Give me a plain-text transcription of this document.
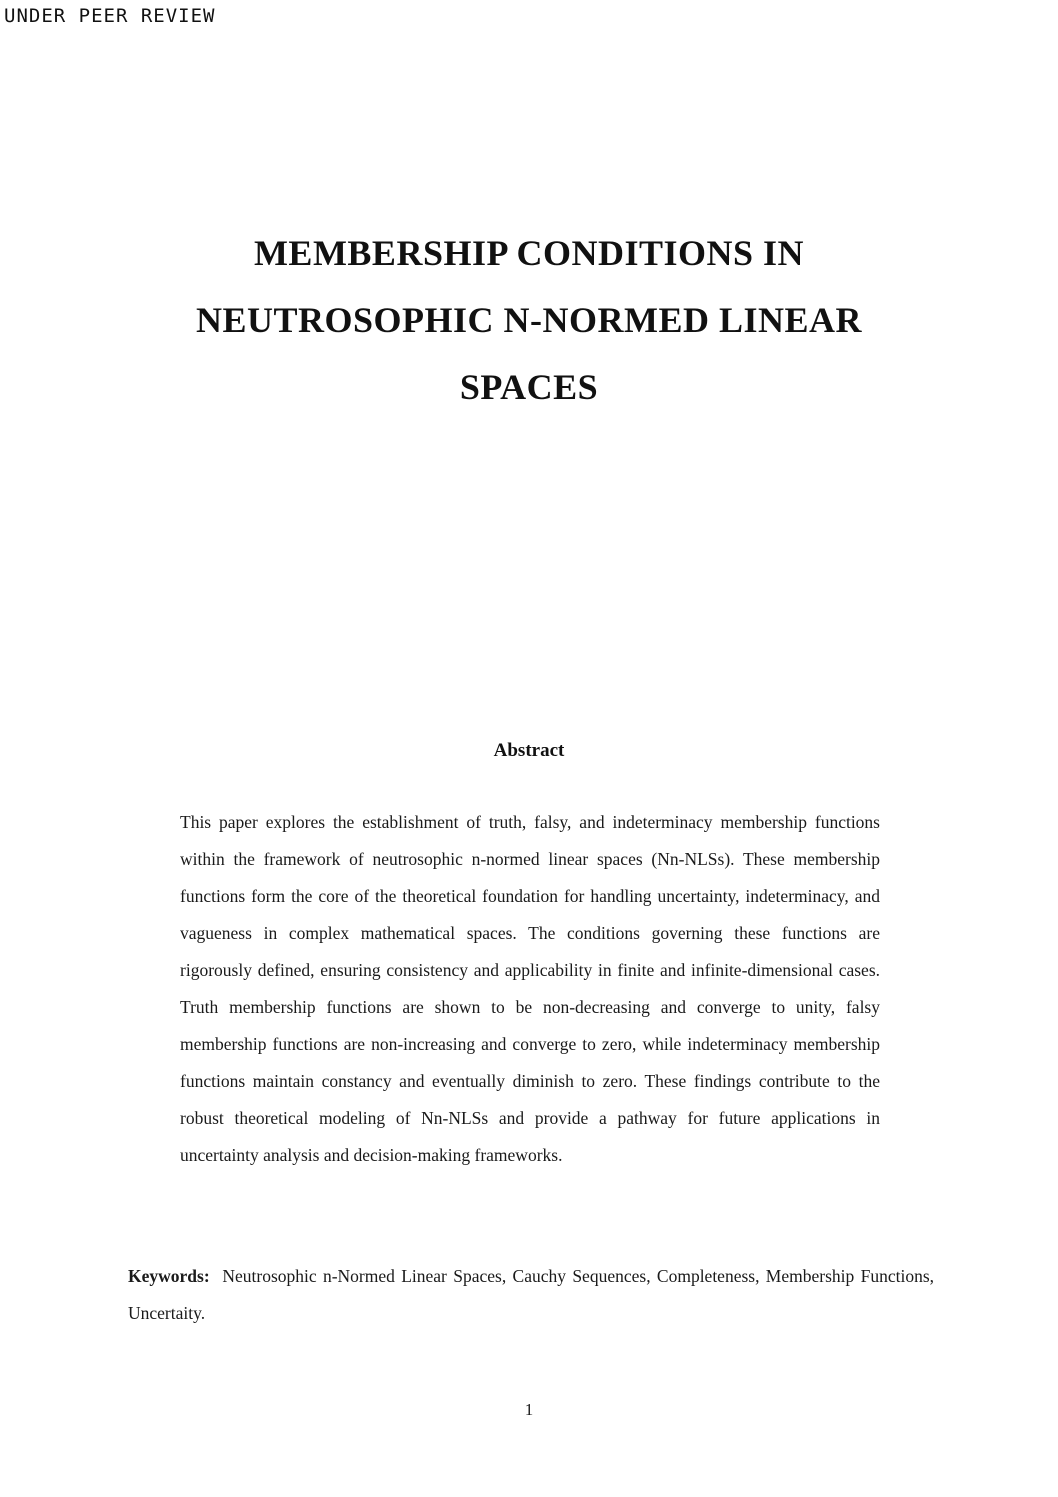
UNDER PEER REVIEW
MEMBERSHIP CONDITIONS IN
NEUTROSOPHIC N-NORMED LINEAR
SPACES
Abstract

This paper explores the establishment of truth, falsy, and indeterminacy membership functions within the framework of neutrosophic n-normed linear spaces (Nn-NLSs). These membership functions form the core of the theoretical foundation for handling uncertainty, indeterminacy, and vagueness in complex mathematical spaces. The conditions governing these functions are rigorously defined, ensuring consistency and applicability in finite and infinite-dimensional cases. Truth membership functions are shown to be non-decreasing and converge to unity, falsy membership functions are non-increasing and converge to zero, while indeterminacy membership functions maintain constancy and eventually diminish to zero. These findings contribute to the robust theoretical modeling of Nn-NLSs and provide a pathway for future applications in uncertainty analysis and decision-making frameworks.

Keywords: Neutrosophic n-Normed Linear Spaces, Cauchy Sequences, Completeness, Membership Functions, Uncertaity.

1
